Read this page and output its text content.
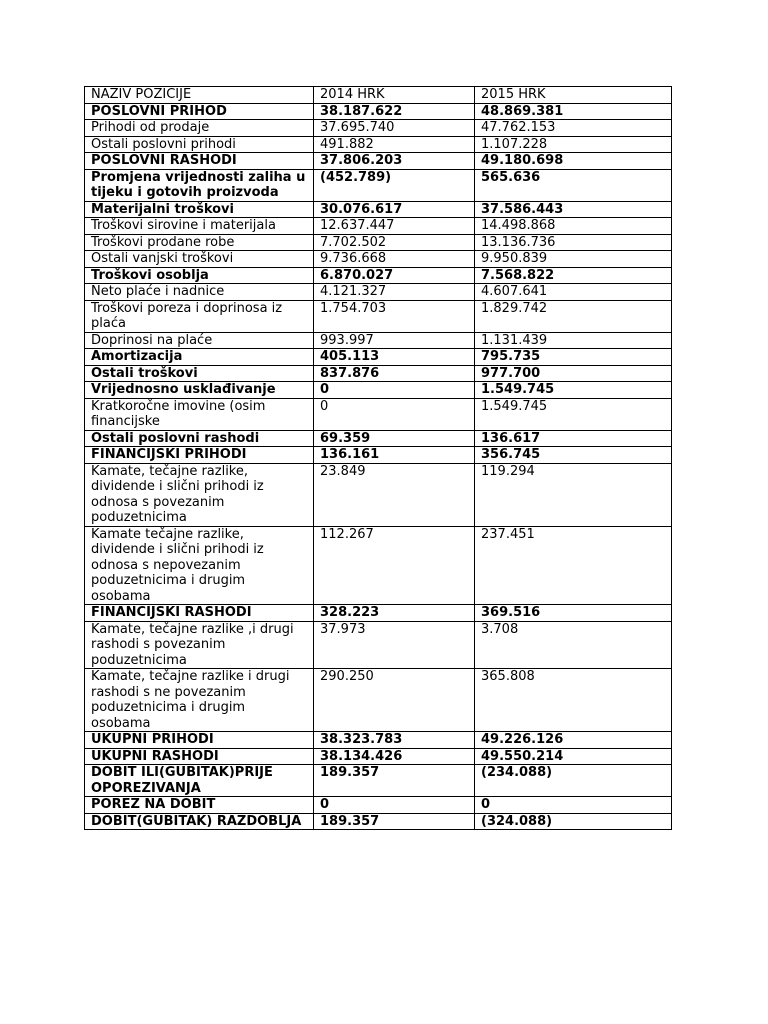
NAZIV POZICIJE	2014 HRK	2015 HRK
POSLOVNI PRIHOD	38.187.622	48.869.381
Prihodi od prodaje	37.695.740	47.762.153
Ostali poslovni prihodi	491.882	1.107.228
POSLOVNI RASHODI	37.806.203	49.180.698
Promjena vrijednosti zaliha u tijeku i gotovih proizvoda	(452.789)	565.636
Materijalni troškovi	30.076.617	37.586.443
Troškovi sirovine i materijala	12.637.447	14.498.868
Troškovi prodane robe	7.702.502	13.136.736
Ostali vanjski troškovi	9.736.668	9.950.839
Troškovi osoblja	6.870.027	7.568.822
Neto plaće i nadnice	4.121.327	4.607.641
Troškovi poreza i doprinosa iz plaća	1.754.703	1.829.742
Doprinosi na plaće	993.997	1.131.439
Amortizacija	405.113	795.735
Ostali troškovi	837.876	977.700
Vrijednosno usklađivanje	0	1.549.745
Kratkoročne imovine (osim financijske	0	1.549.745
Ostali poslovni rashodi	69.359	136.617
FINANCIJSKI PRIHODI	136.161	356.745
Kamate, tečajne razlike, dividende i slični prihodi iz odnosa s povezanim poduzetnicima	23.849	119.294
Kamate tečajne razlike, dividende i slični prihodi iz odnosa s nepovezanim poduzetnicima i drugim osobama	112.267	237.451
FINANCIJSKI RASHODI	328.223	369.516
Kamate, tečajne razlike ,i drugi rashodi s povezanim poduzetnicima	37.973	3.708
Kamate, tečajne razlike i drugi rashodi s ne povezanim poduzetnicima i drugim osobama	290.250	365.808
UKUPNI PRIHODI	38.323.783	49.226.126
UKUPNI RASHODI	38.134.426	49.550.214
DOBIT ILI(GUBITAK)PRIJE OPOREZIVANJA	189.357	(234.088)
POREZ NA DOBIT	0	0
DOBIT(GUBITAK) RAZDOBLJA	189.357	(324.088)
